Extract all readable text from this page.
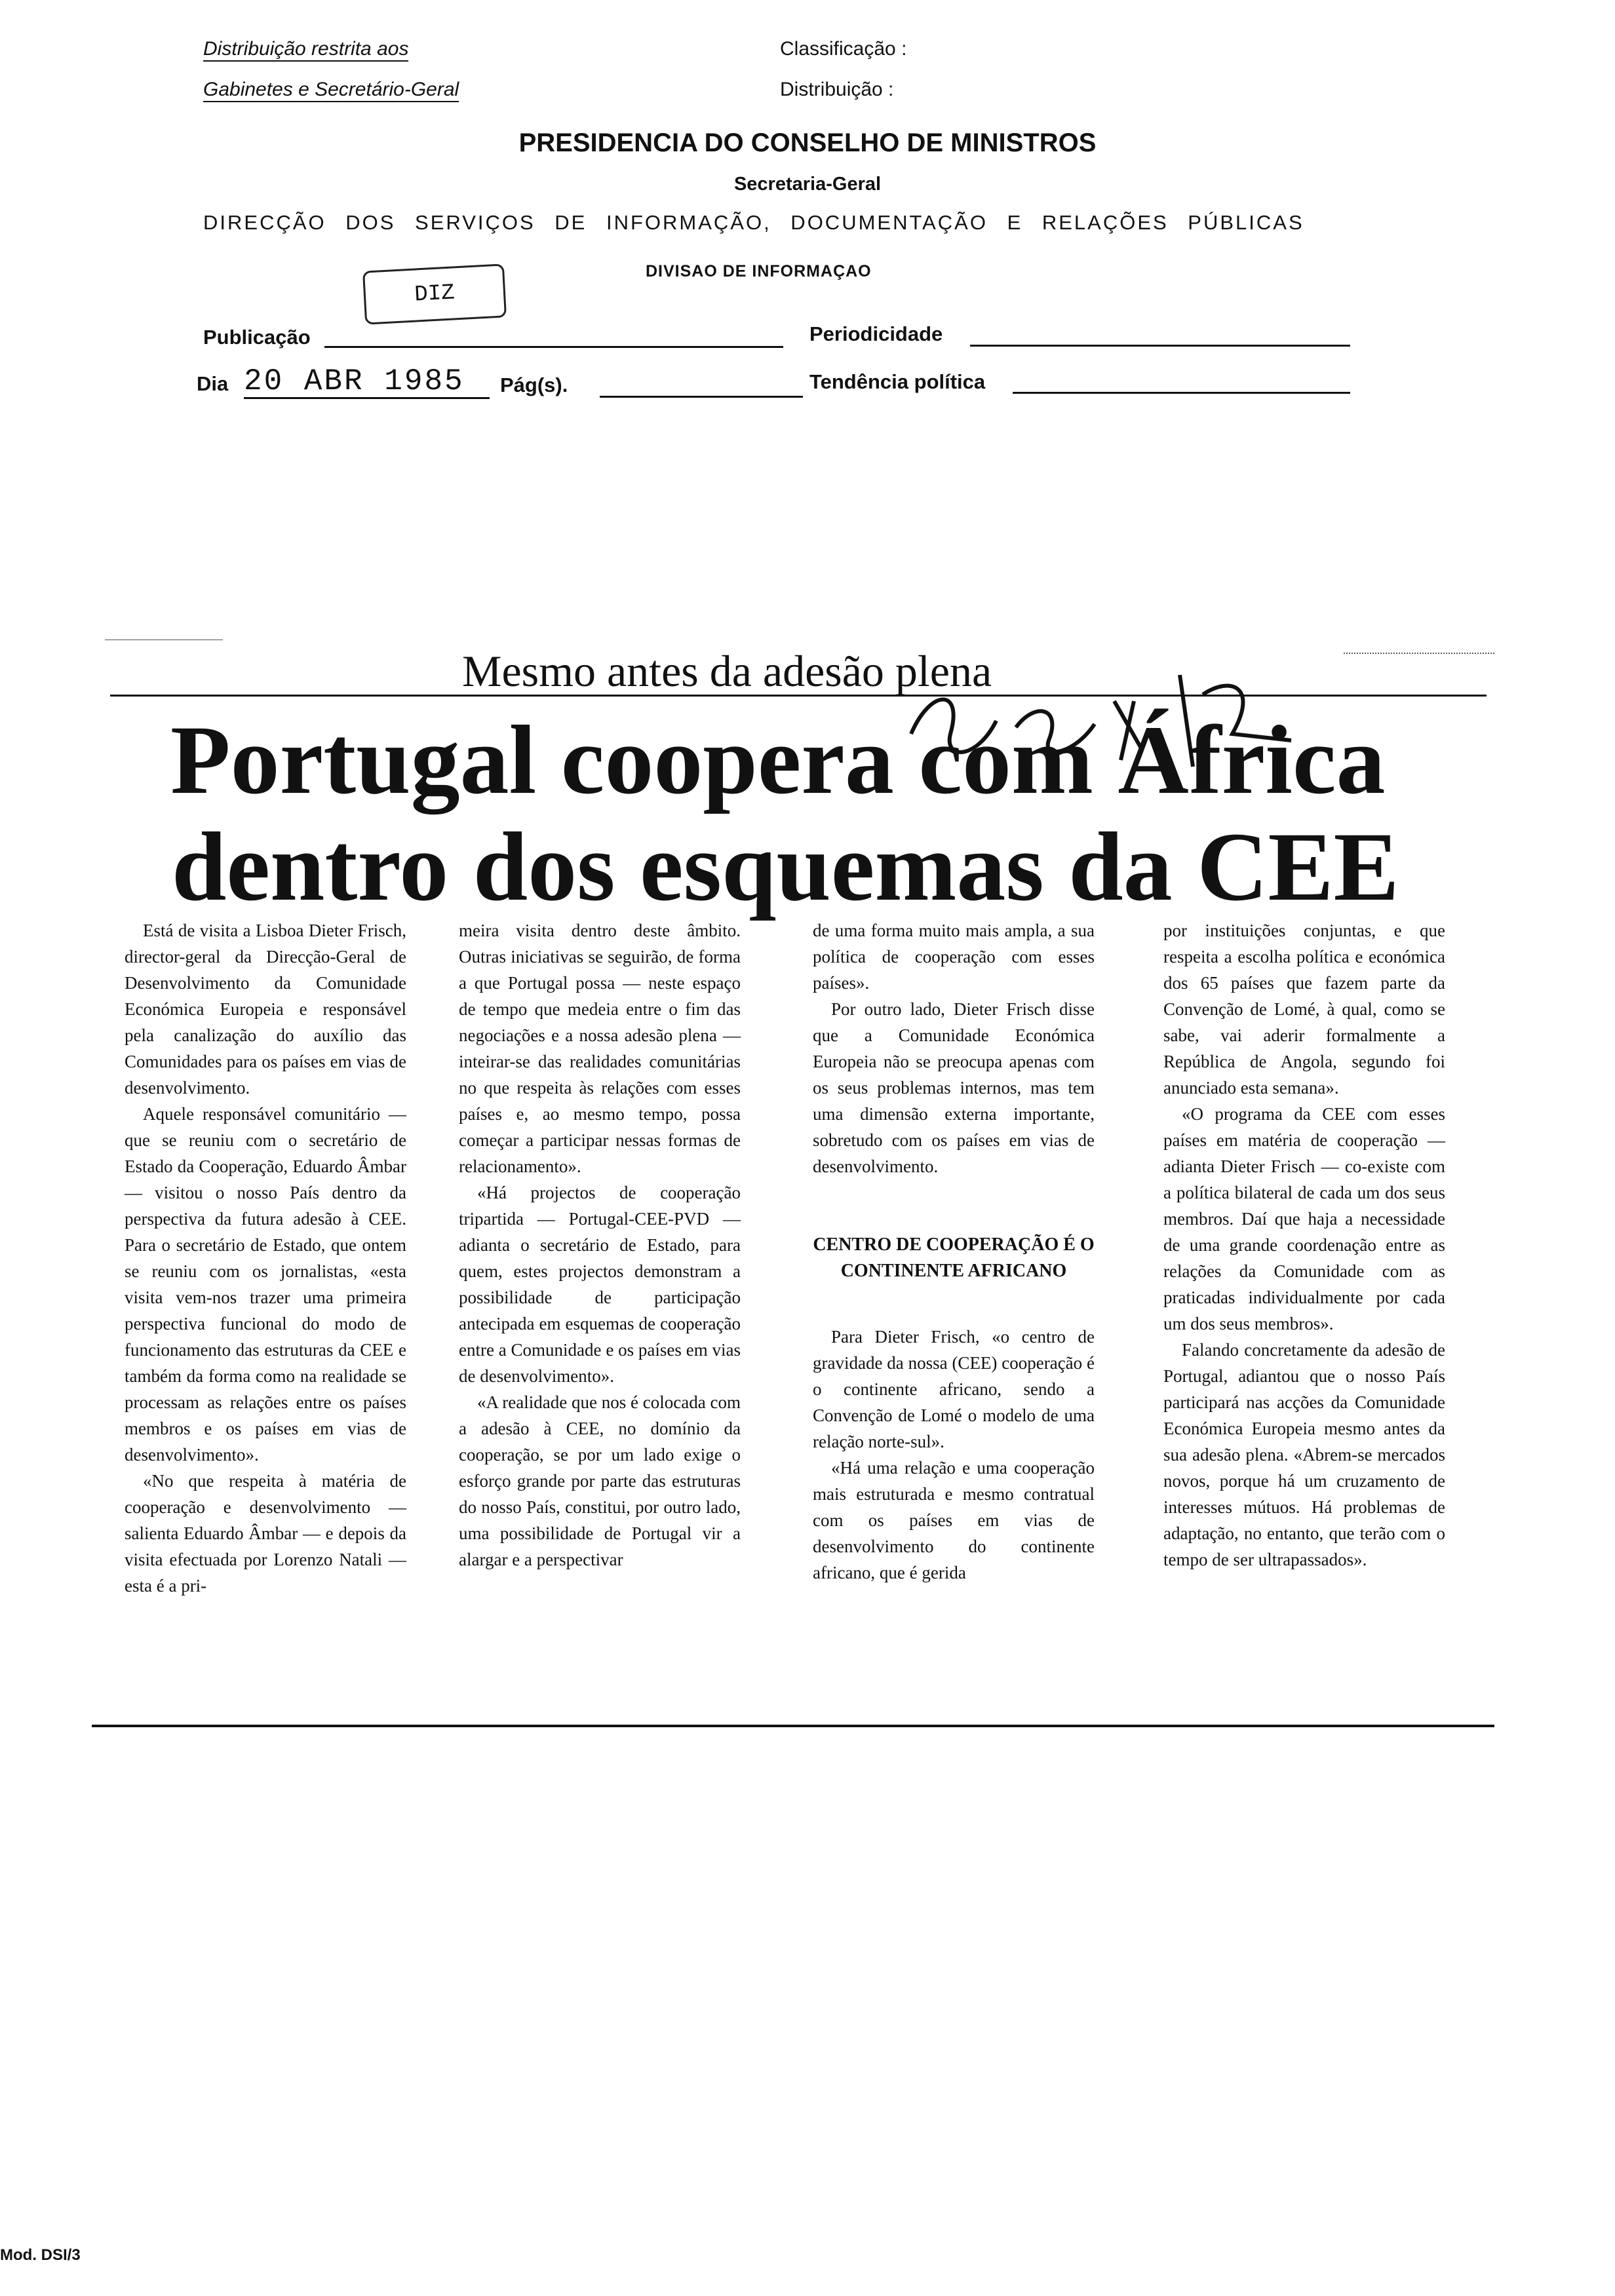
Distribuição restrita aos
Gabinetes e Secretário-Geral
Classificação :
Distribuição :
PRESIDENCIA DO CONSELHO DE MINISTROS
Secretaria-Geral
DIRECÇÃO DOS SERVIÇOS DE INFORMAÇÃO, DOCUMENTAÇÃO E RELAÇÕES PÚBLICAS
DIVISAO DE INFORMAÇAO
DIZ
Publicação	Periodicidade
Dia 20 ABR 1985 Pág(s).	Tendência política
Mesmo antes da adesão plena
Portugal coopera com África
dentro dos esquemas da CEE

Está de visita a Lisboa Dieter Frisch, director-geral da Direcção-Geral de Desenvolvimento da Comunidade Económica Europeia e responsável pela canalização do auxílio das Comunidades para os países em vias de desenvolvimento.

Aquele responsável comunitário — que se reuniu com o secretário de Estado da Cooperação, Eduardo Âmbar — visitou o nosso País dentro da perspectiva da futura adesão à CEE. Para o secretário de Estado, que ontem se reuniu com os jornalistas, «esta visita vem-nos trazer uma primeira perspectiva funcional do modo de funcionamento das estruturas da CEE e também da forma como na realidade se processam as relações entre os países membros e os países em vias de desenvolvimento».

«No que respeita à matéria de cooperação e desenvolvimento — salienta Eduardo Âmbar — e depois da visita efectuada por Lorenzo Natali — esta é a pri-

meira visita dentro deste âmbito. Outras iniciativas se seguirão, de forma a que Portugal possa — neste espaço de tempo que medeia entre o fim das negociações e a nossa adesão plena — inteirar-se das realidades comunitárias no que respeita às relações com esses países e, ao mesmo tempo, possa começar a participar nessas formas de relacionamento».

«Há projectos de cooperação tripartida — Portugal-CEE-PVD — adianta o secretário de Estado, para quem, estes projectos demonstram a possibilidade de participação antecipada em esquemas de cooperação entre a Comunidade e os países em vias de desenvolvimento».

«A realidade que nos é colocada com a adesão à CEE, no domínio da cooperação, se por um lado exige o esforço grande por parte das estruturas do nosso País, constitui, por outro lado, uma possibilidade de Portugal vir a alargar e a perspectivar

de uma forma muito mais ampla, a sua política de cooperação com esses países».

Por outro lado, Dieter Frisch disse que a Comunidade Económica Europeia não se preocupa apenas com os seus problemas internos, mas tem uma dimensão externa importante, sobretudo com os países em vias de desenvolvimento.

CENTRO DE COOPERAÇÃO É O CONTINENTE AFRICANO

Para Dieter Frisch, «o centro de gravidade da nossa (CEE) cooperação é o continente africano, sendo a Convenção de Lomé o modelo de uma relação norte-sul».

«Há uma relação e uma cooperação mais estruturada e mesmo contratual com os países em vias de desenvolvimento do continente africano, que é gerida

por instituições conjuntas, e que respeita a escolha política e económica dos 65 países que fazem parte da Convenção de Lomé, à qual, como se sabe, vai aderir formalmente a República de Angola, segundo foi anunciado esta semana».

«O programa da CEE com esses países em matéria de cooperação — adianta Dieter Frisch — co-existe com a política bilateral de cada um dos seus membros. Daí que haja a necessidade de uma grande coordenação entre as relações da Comunidade com as praticadas individualmente por cada um dos seus membros».

Falando concretamente da adesão de Portugal, adiantou que o nosso País participará nas acções da Comunidade Económica Europeia mesmo antes da sua adesão plena. «Abrem-se mercados novos, porque há um cruzamento de interesses mútuos. Há problemas de adaptação, no entanto, que terão com o tempo de ser ultrapassados».

Mod. DSI/3
